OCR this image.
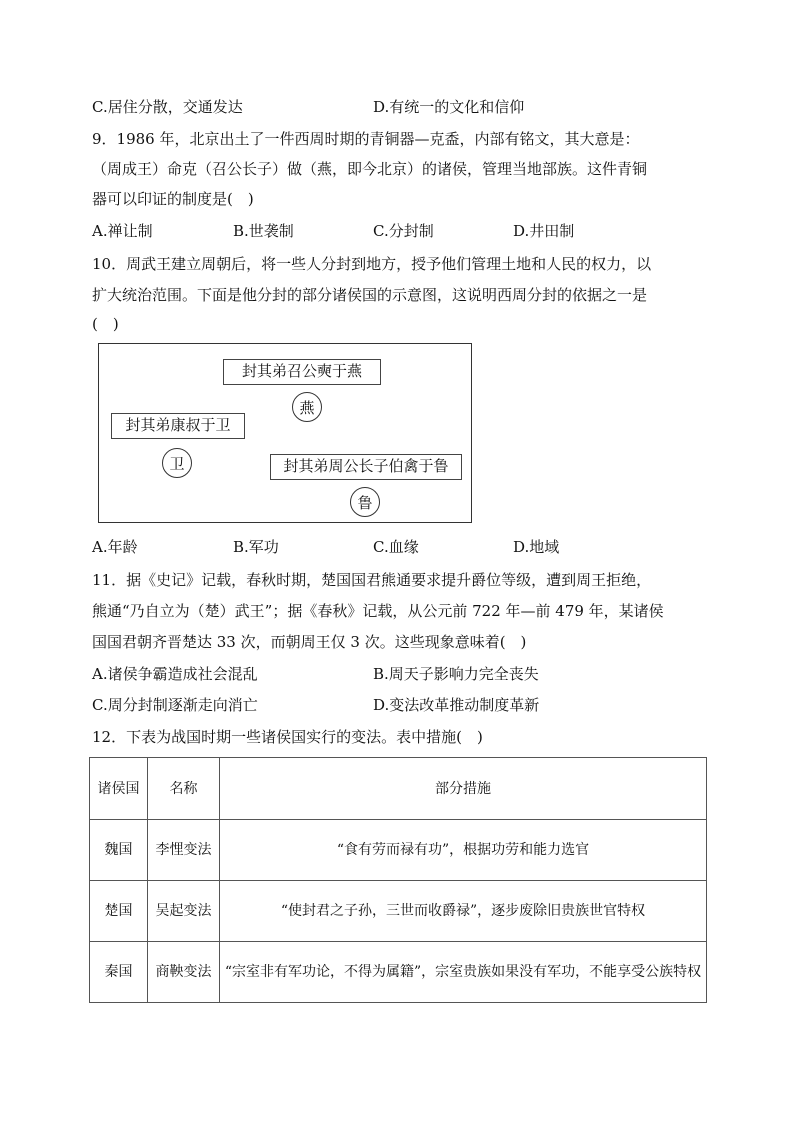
C.居住分散，交通发达	D.有统一的文化和信仰
9．1986 年，北京出土了一件西周时期的青铜器—克盉，内部有铭文，其大意是：
（周成王）命克（召公长子）做（燕，即今北京）的诸侯，管理当地部族。这件青铜
器可以印证的制度是(　)
A.禅让制	B.世袭制	C.分封制	D.井田制
10．周武王建立周朝后，将一些人分封到地方，授予他们管理土地和人民的权力，以
扩大统治范围。下面是他分封的部分诸侯国的示意图，这说明西周分封的依据之一是
(　)
封其弟召公奭于燕
燕
封其弟康叔于卫
卫	封其弟周公长子伯禽于鲁
鲁
A.年龄	B.军功	C.血缘	D.地域
11．据《史记》记载，春秋时期，楚国国君熊通要求提升爵位等级，遭到周王拒绝，
熊通“乃自立为（楚）武王”；据《春秋》记载，从公元前 722 年—前 479 年，某诸侯
国国君朝齐晋楚达 33 次，而朝周王仅 3 次。这些现象意味着(　)
A.诸侯争霸造成社会混乱	B.周天子影响力完全丧失
C.周分封制逐渐走向消亡	D.变法改革推动制度革新
12．下表为战国时期一些诸侯国实行的变法。表中措施(　)
诸侯国	名称	部分措施
魏国	李悝变法	“食有劳而禄有功”，根据功劳和能力选官
楚国	吴起变法	“使封君之子孙，三世而收爵禄”，逐步废除旧贵族世官特权
秦国	商鞅变法	“宗室非有军功论，不得为属籍”，宗室贵族如果没有军功，不能享受公族特权
